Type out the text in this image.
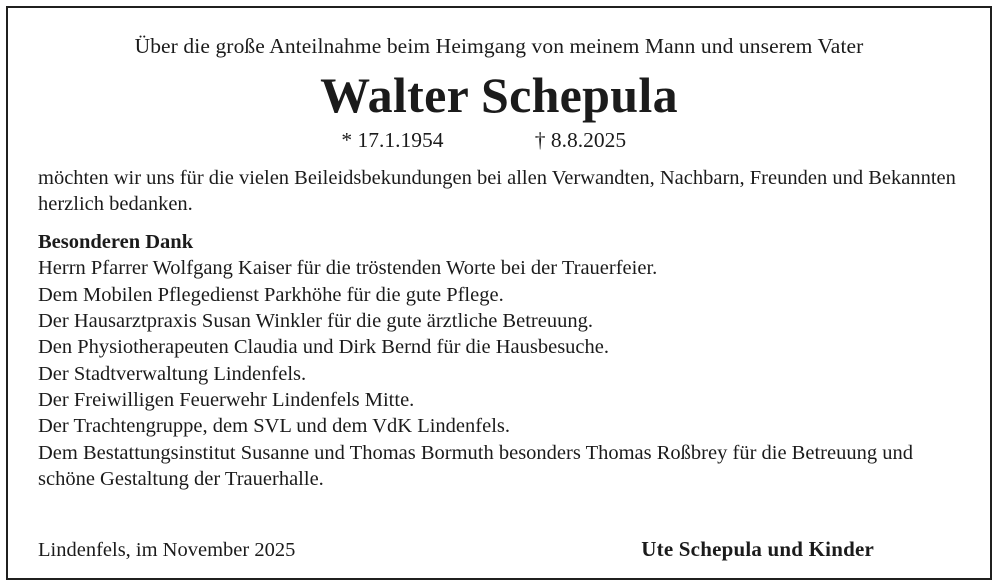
Über die große Anteilnahme beim Heimgang von meinem Mann und unserem Vater

Walter Schepula
* 17.1.1954	† 8.8.2025

möchten wir uns für die vielen Beileidsbekundungen bei allen Verwandten, Nachbarn, Freunden und Bekannten herzlich bedanken.

Besonderen Dank

Herrn Pfarrer Wolfgang Kaiser für die tröstenden Worte bei der Trauerfeier.
Dem Mobilen Pflegedienst Parkhöhe für die gute Pflege.
Der Hausarztpraxis Susan Winkler für die gute ärztliche Betreuung.
Den Physiotherapeuten Claudia und Dirk Bernd für die Hausbesuche.
Der Stadtverwaltung Lindenfels.
Der Freiwilligen Feuerwehr Lindenfels Mitte.
Der Trachtengruppe, dem SVL und dem VdK Lindenfels.
Dem Bestattungsinstitut Susanne und Thomas Bormuth besonders Thomas Roßbrey für die Betreuung und schöne Gestaltung der Trauerhalle.
Lindenfels, im November 2025	Ute Schepula und Kinder
